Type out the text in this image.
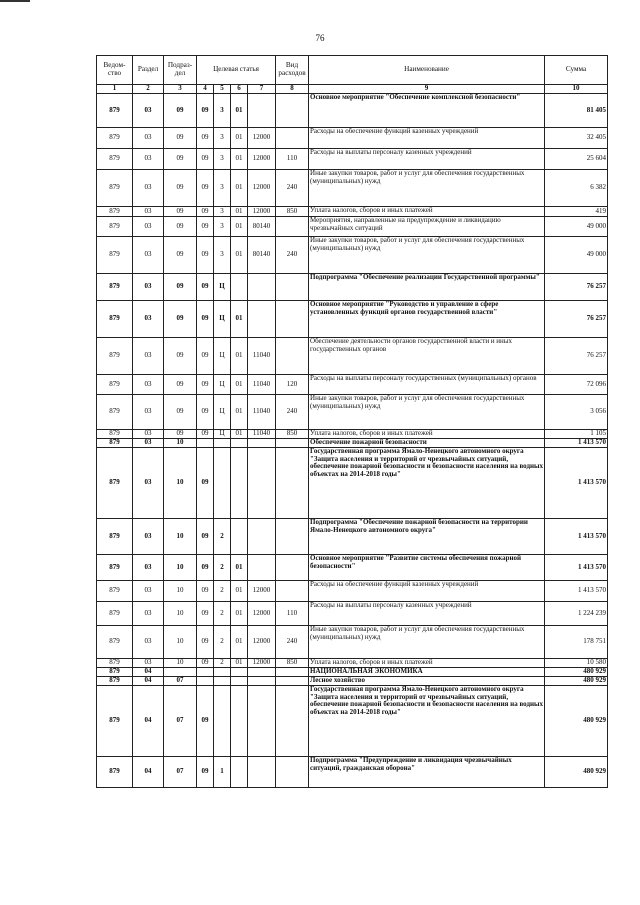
76
Ведом-ство	Раздел	Подраз-дел	Целевая статья				Вид расходов	Наименование	Сумма
1	2	3	4	5	6	7	8	9	10
879	03	09	09	3	01			Основное мероприятие "Обеспечение комплексной безопасности"	81 405
879	03	09	09	3	01	12000		Расходы на обеспечение функций казенных учреждений	32 405
879	03	09	09	3	01	12000	110	Расходы на выплаты персоналу казенных учреждений	25 604
879	03	09	09	3	01	12000	240	Иные закупки товаров, работ и услуг для обеспечения государственных (муниципальных) нужд	6 382
879	03	09	09	3	01	12000	850	Уплата налогов, сборов и иных платежей	419
879	03	09	09	3	01	80140		Мероприятия, направленные на предупреждение и ликвидацию чрезвычайных ситуаций	49 000
879	03	09	09	3	01	80140	240	Иные закупки товаров, работ и услуг для обеспечения государственных (муниципальных) нужд	49 000
879	03	09	09	Ц				Подпрограмма "Обеспечение реализации Государственной программы"	76 257
879	03	09	09	Ц	01			Основное мероприятие "Руководство и управление в сфере установленных функций органов государственной власти"	76 257
879	03	09	09	Ц	01	11040		Обеспечение деятельности органов государственной власти и иных государственных органов	76 257
879	03	09	09	Ц	01	11040	120	Расходы на выплаты персоналу государственных (муниципальных) органов	72 096
879	03	09	09	Ц	01	11040	240	Иные закупки товаров, работ и услуг для обеспечения государственных (муниципальных) нужд	3 056
879	03	09	09	Ц	01	11040	850	Уплата налогов, сборов и иных платежей	1 105
879	03	10						Обеспечение пожарной безопасности	1 413 570
879	03	10	09					Государственная программа Ямало-Ненецкого автономного округа "Защита населения и территорий от чрезвычайных ситуаций, обеспечение пожарной безопасности и безопасности населения на водных объектах на 2014-2018 годы"	1 413 570
879	03	10	09	2				Подпрограмма "Обеспечение пожарной безопасности на территории Ямало-Ненецкого автономного округа"	1 413 570
879	03	10	09	2	01			Основное мероприятие "Развитие системы обеспечения пожарной безопасности"	1 413 570
879	03	10	09	2	01	12000		Расходы на обеспечение функций казенных учреждений	1 413 570
879	03	10	09	2	01	12000	110	Расходы на выплаты персоналу казенных учреждений	1 224 239
879	03	10	09	2	01	12000	240	Иные закупки товаров, работ и услуг для обеспечения государственных (муниципальных) нужд	178 751
879	03	10	09	2	01	12000	850	Уплата налогов, сборов и иных платежей	10 580
879	04							НАЦИОНАЛЬНАЯ ЭКОНОМИКА	480 929
879	04	07						Лесное хозяйство	480 929
879	04	07	09					Государственная программа Ямало-Ненецкого автономного округа "Защита населения и территорий от чрезвычайных ситуаций, обеспечение пожарной безопасности и безопасности населения на водных объектах на 2014-2018 годы"	480 929
879	04	07	09	1				Подпрограмма "Предупреждение и ликвидация чрезвычайных ситуаций, гражданская оборона"	480 929
